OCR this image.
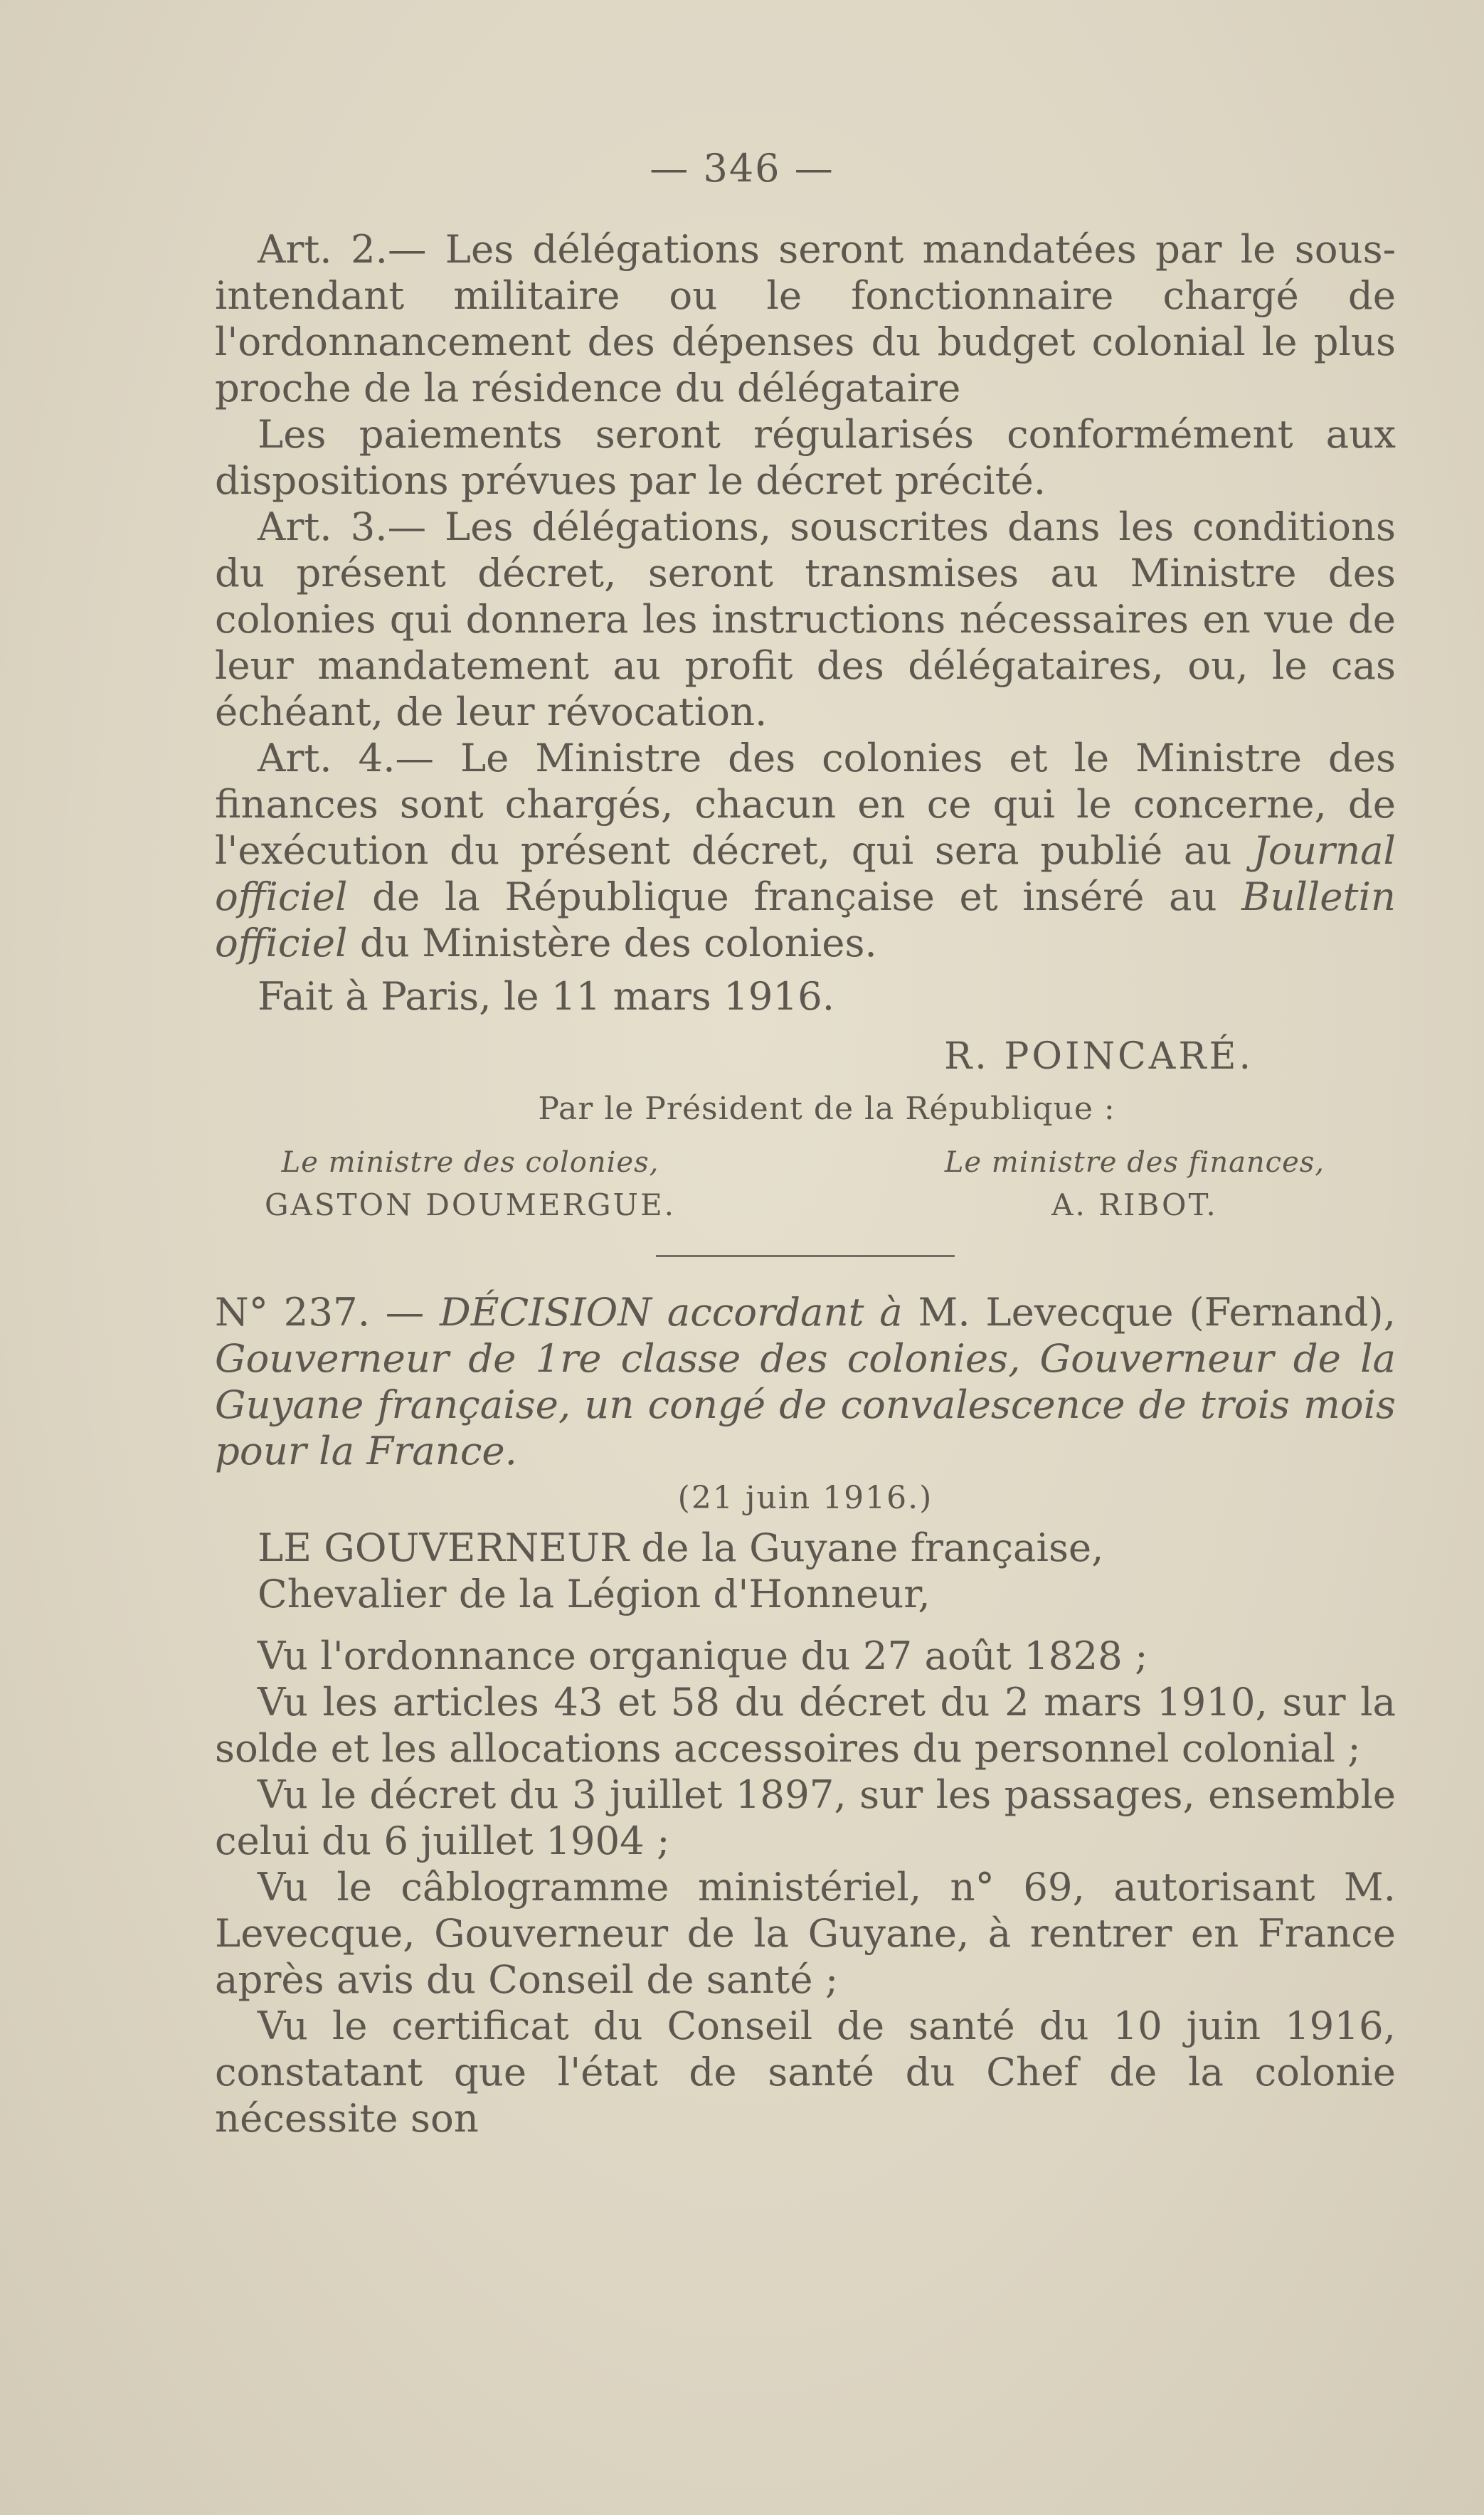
— 346 —

Art. 2.— Les délégations seront mandatées par le sous-intendant militaire ou le fonctionnaire chargé de l'ordonnancement des dépenses du budget colonial le plus proche de la résidence du délégataire

Les paiements seront régularisés conformément aux dispositions prévues par le décret précité.

Art. 3.— Les délégations, souscrites dans les conditions du présent décret, seront transmises au Ministre des colonies qui donnera les instructions nécessaires en vue de leur mandatement au profit des délégataires, ou, le cas échéant, de leur révocation.

Art. 4.— Le Ministre des colonies et le Ministre des finances sont chargés, chacun en ce qui le concerne, de l'exécution du présent décret, qui sera publié au Journal officiel de la République française et inséré au Bulletin officiel du Ministère des colonies.

Fait à Paris, le 11 mars 1916.

R. POINCARÉ.
Par le Président de la République :
Le ministre des colonies,
GASTON DOUMERGUE.
Le ministre des finances,
A. RIBOT.

N° 237. — DÉCISION accordant à M. Levecque (Fernand), Gouverneur de 1re classe des colonies, Gouverneur de la Guyane française, un congé de convalescence de trois mois pour la France.

(21 juin 1916.)

LE GOUVERNEUR de la Guyane française,

Chevalier de la Légion d'Honneur,

Vu l'ordonnance organique du 27 août 1828 ;

Vu les articles 43 et 58 du décret du 2 mars 1910, sur la solde et les allocations accessoires du personnel colonial ;

Vu le décret du 3 juillet 1897, sur les passages, ensemble celui du 6 juillet 1904 ;

Vu le câblogramme ministériel, n° 69, autorisant M. Levecque, Gouverneur de la Guyane, à rentrer en France après avis du Conseil de santé ;

Vu le certificat du Conseil de santé du 10 juin 1916, constatant que l'état de santé du Chef de la colonie nécessite son
